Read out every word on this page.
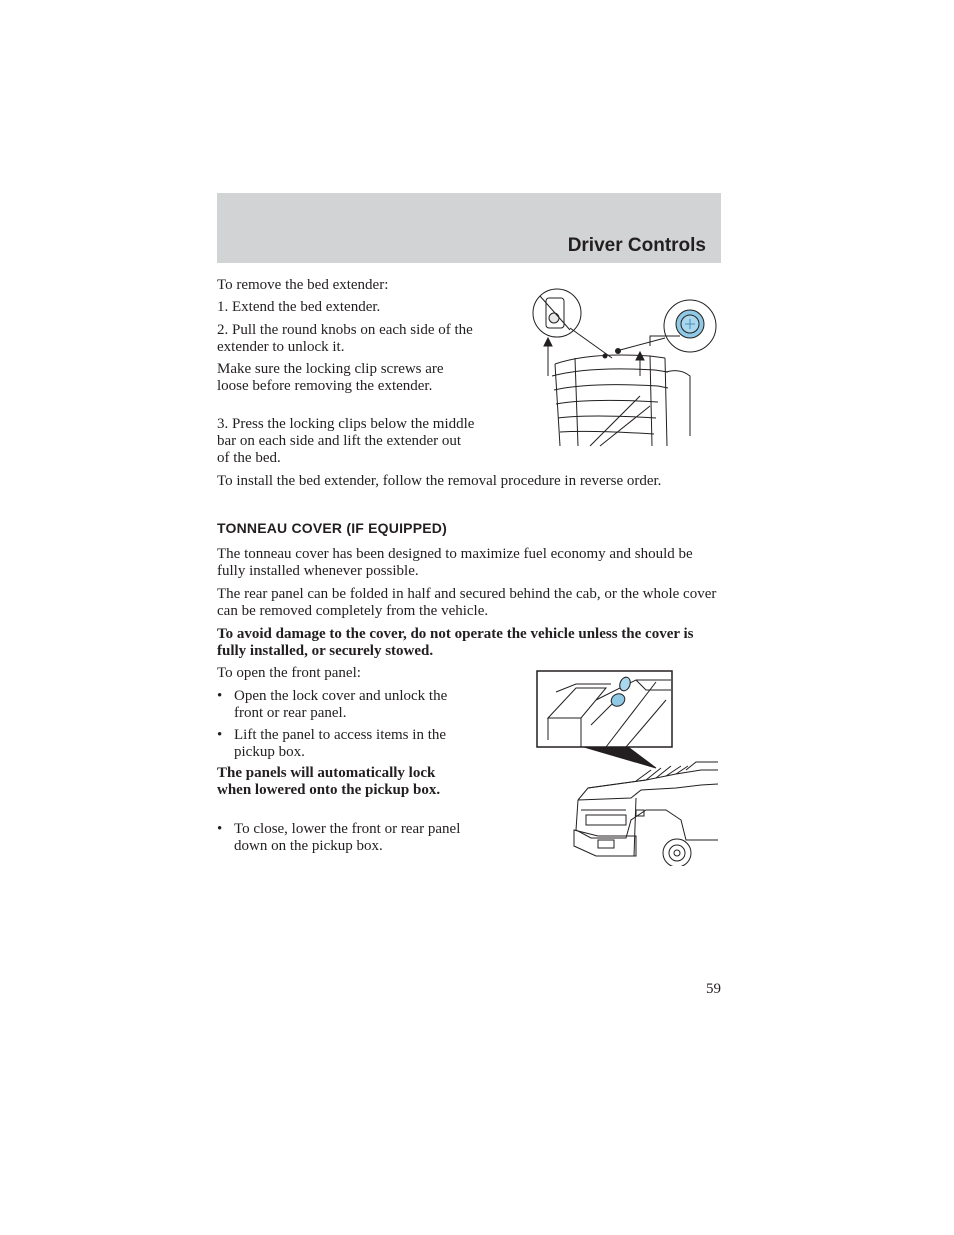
Driver Controls

To remove the bed extender:

1. Extend the bed extender.

2. Pull the round knobs on each side of the extender to unlock it.

Make sure the locking clip screws are loose before removing the extender.

3. Press the locking clips below the middle bar on each side and lift the extender out of the bed.

To install the bed extender, follow the removal procedure in reverse order.

TONNEAU COVER (IF EQUIPPED)

The tonneau cover has been designed to maximize fuel economy and should be fully installed whenever possible.

The rear panel can be folded in half and secured behind the cab, or the whole cover can be removed completely from the vehicle.

To avoid damage to the cover, do not operate the vehicle unless the cover is fully installed, or securely stowed.

To open the front panel:

• Open the lock cover and unlock the front or rear panel.
• Lift the panel to access items in the pickup box.

The panels will automatically lock when lowered onto the pickup box.

• To close, lower the front or rear panel down on the pickup box.
59
